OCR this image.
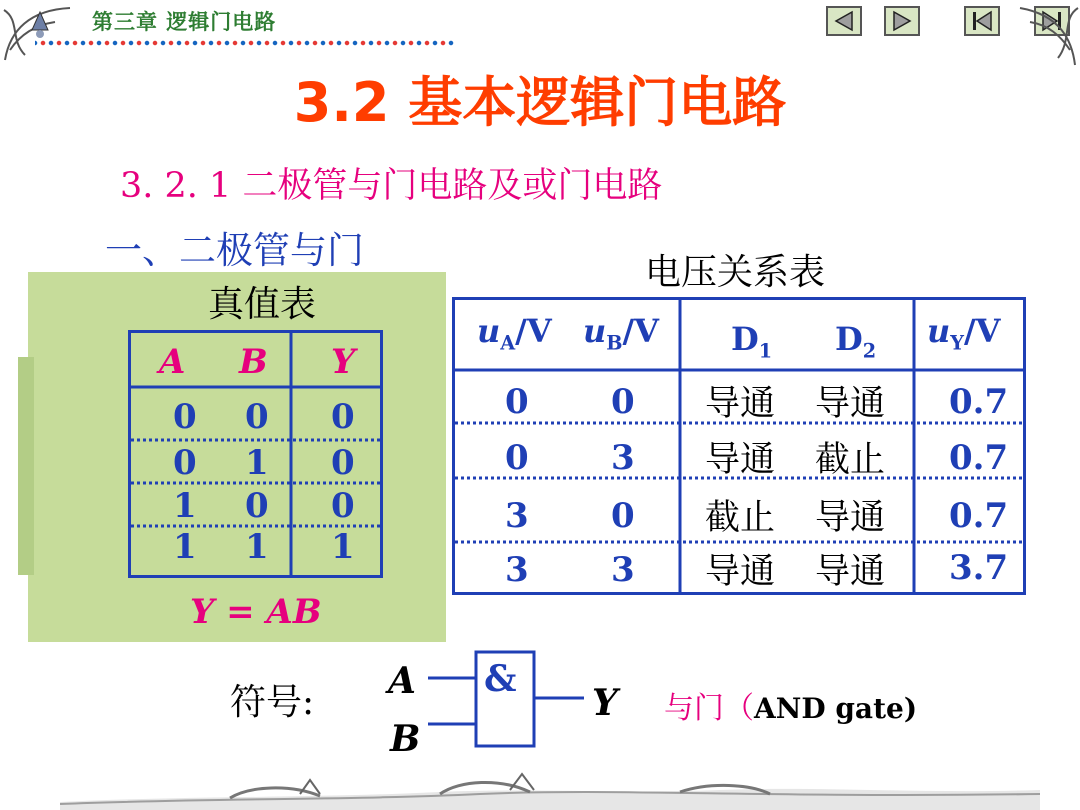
第三章 逻辑门电路
3.2 基本逻辑门电路
3. 2. 1 二极管与门电路及或门电路
一、二极管与门
真值表
A B Y
0 0 0
0 1 0
1 0 0
1 1 1
Y = AB
电压关系表
$u_A/V$ $u_B/V$ $D_1$ $D_2$
$u_Y/V$
0 0 导通 导通 0.7
0 3 导通 截止 0.7
3 0 截止 导通 0.7
3 3 导通 导通 3.7
符号:
A
B
&
Y 与门（AND gate)
